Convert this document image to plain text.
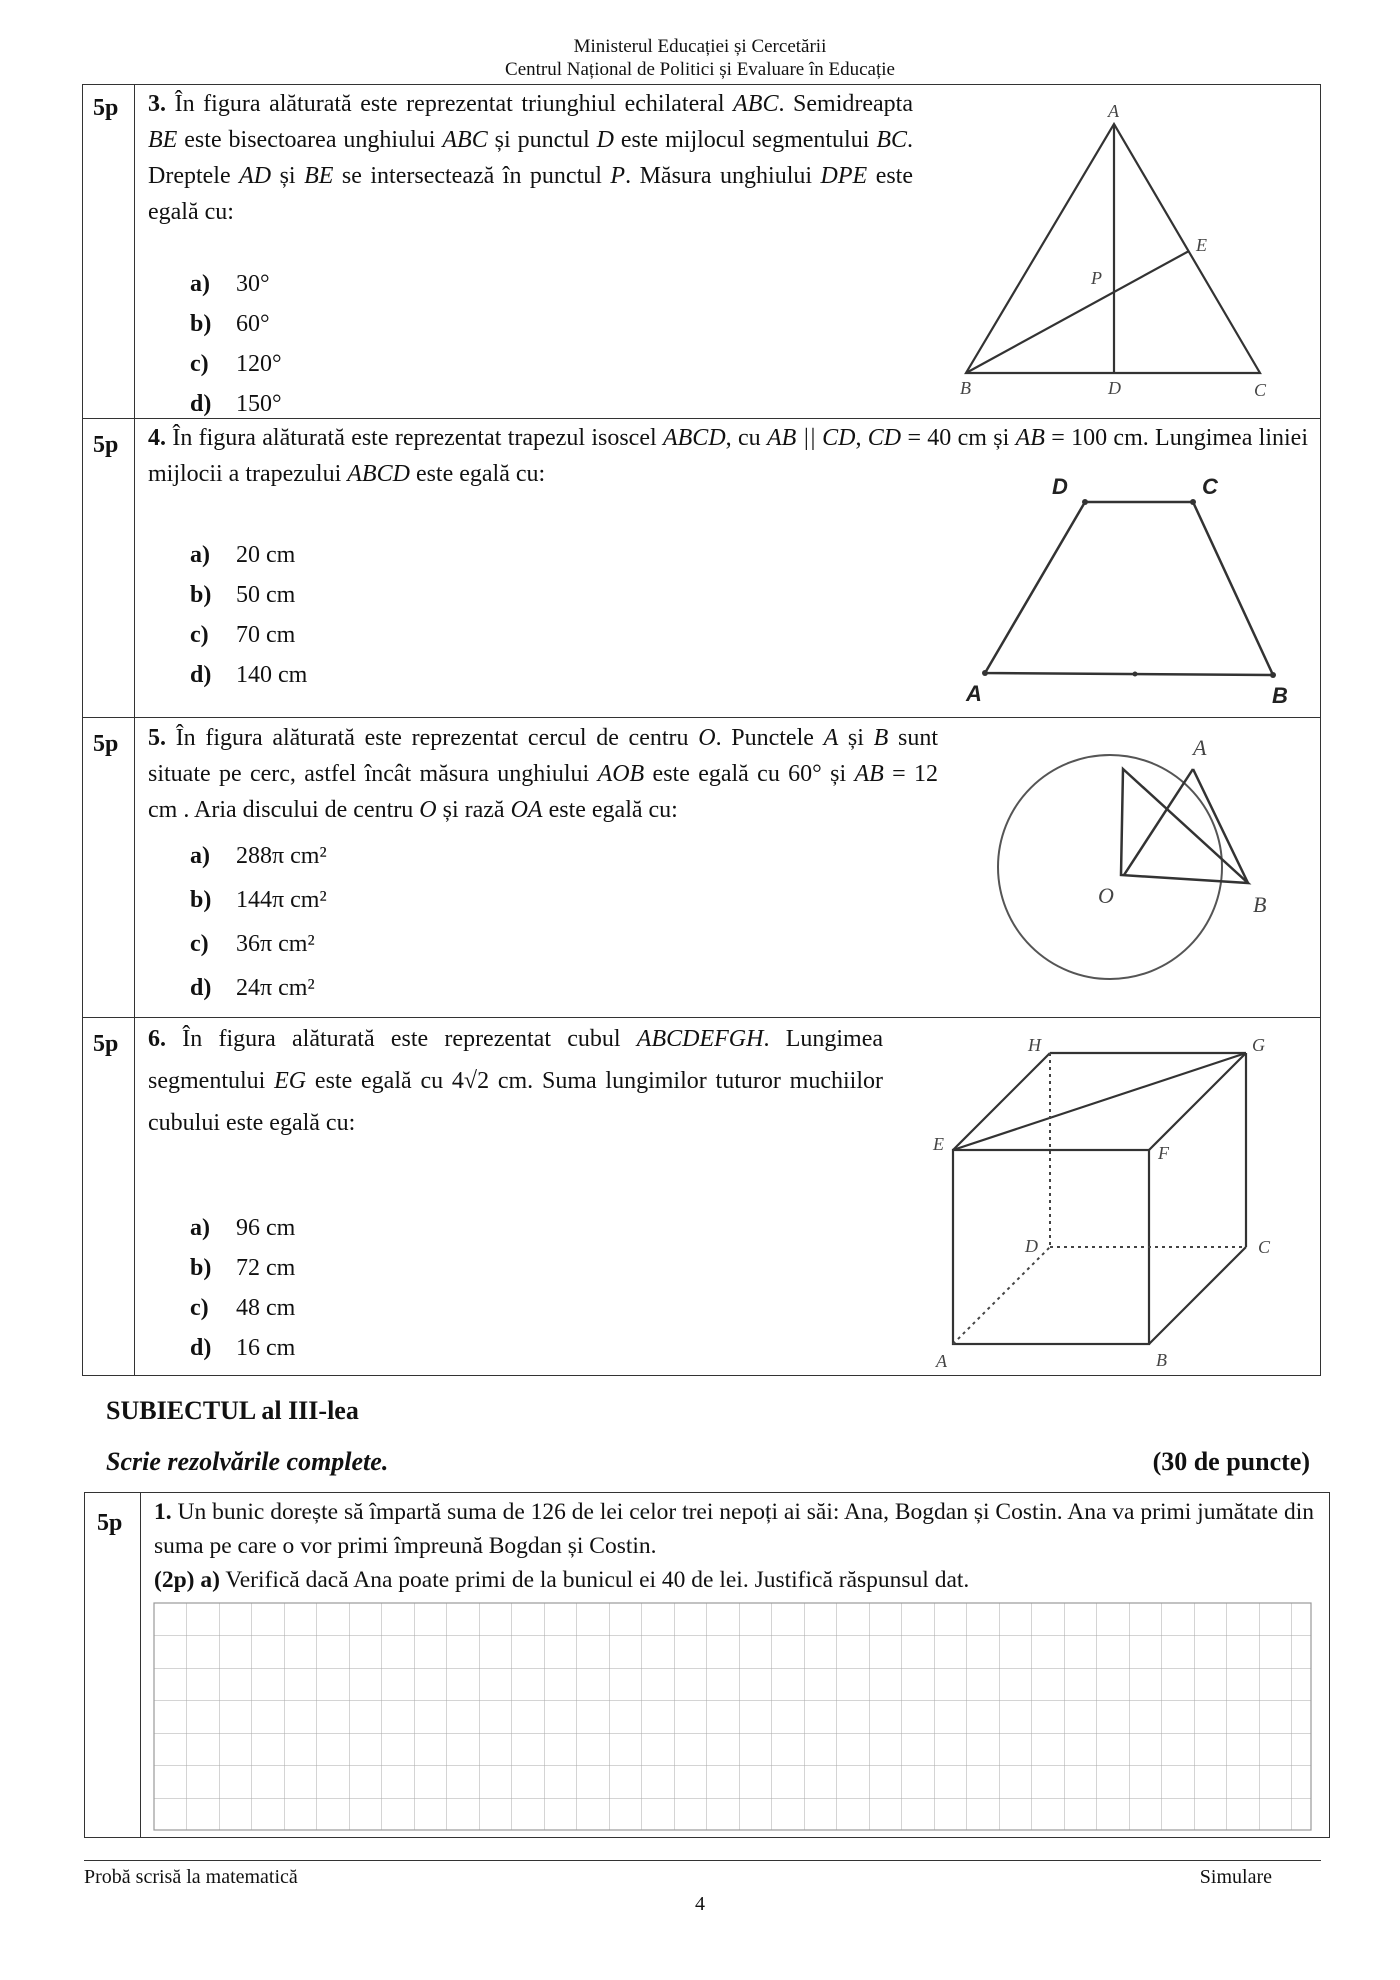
Ministerul Educației și Cercetării
Centrul Național de Politici și Evaluare în Educație
5p 3. În figura alăturată este reprezentat triunghiul echilateral ABC. Semidreapta BE este bisectoarea unghiului ABC și punctul D este mijlocul segmentului BC. Dreptele AD și BE se intersectează în punctul P. Măsura unghiului DPE este egală cu:
a) 30°
b) 60°
c) 120°
d) 150°
A
B	C
D
E
P
5p 4. În figura alăturată este reprezentat trapezul isoscel ABCD, cu AB || CD, CD = 40 cm și AB = 100 cm. Lungimea liniei mijlocii a trapezului ABCD este egală cu:
a) 20 cm
b) 50 cm
c) 70 cm
d) 140 cm
D	C
A	B
5p 5. În figura alăturată este reprezentat cercul de centru O. Punctele A și B sunt situate pe cerc, astfel încât măsura unghiului AOB este egală cu 60° și AB = 12 cm . Aria discului de centru O și rază OA este egală cu:
a) 288π cm²
b) 144π cm²
c) 36π cm²
d) 24π cm²
A
O	B
5p 6. În figura alăturată este reprezentat cubul ABCDEFGH. Lungimea segmentului EG este egală cu 4√2 cm. Suma lungimilor tuturor muchiilor cubului este egală cu:
a) 96 cm
b) 72 cm
c) 48 cm
d) 16 cm
H	G
E	F
D	C
A	B
SUBIECTUL al III-lea
Scrie rezolvările complete.	(30 de puncte)
5p 1. Un bunic dorește să împartă suma de 126 de lei celor trei nepoți ai săi: Ana, Bogdan și Costin. Ana va primi jumătate din suma pe care o vor primi împreună Bogdan și Costin.
(2p) a) Verifică dacă Ana poate primi de la bunicul ei 40 de lei. Justifică răspunsul dat.
Probă scrisă la matematică	Simulare
4
